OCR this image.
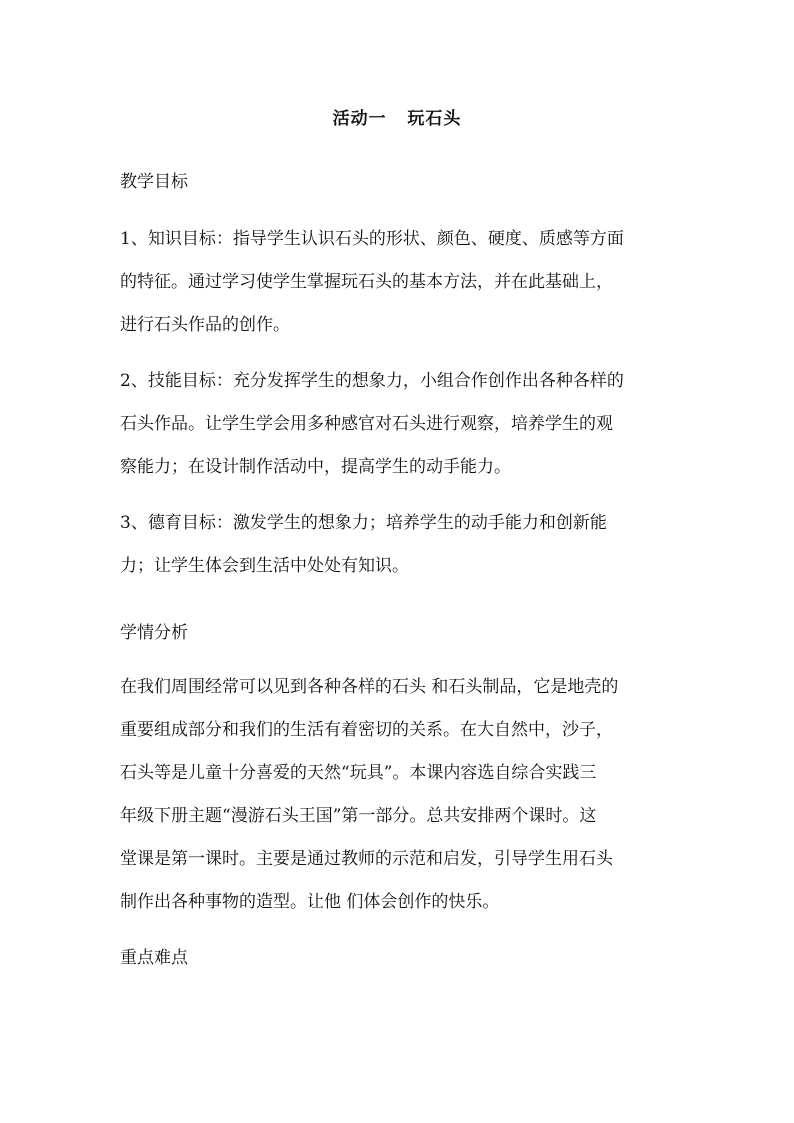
活动一   玩石头
教学目标
1、知识目标：指导学生认识石头的形状、颜色、硬度、质感等方面
的特征。通过学习使学生掌握玩石头的基本方法，并在此基础上，
进行石头作品的创作。
2、技能目标：充分发挥学生的想象力，小组合作创作出各种各样的
石头作品。让学生学会用多种感官对石头进行观察，培养学生的观
察能力；在设计制作活动中，提高学生的动手能力。
3、德育目标：激发学生的想象力；培养学生的动手能力和创新能
力；让学生体会到生活中处处有知识。
学情分析
在我们周围经常可以见到各种各样的石头 和石头制品，它是地壳的
重要组成部分和我们的生活有着密切的关系。在大自然中，沙子，
石头等是儿童十分喜爱的天然“玩具”。本课内容选自综合实践三
年级下册主题“漫游石头王国”第一部分。总共安排两个课时。这
堂课是第一课时。主要是通过教师的示范和启发，引导学生用石头
制作出各种事物的造型。让他 们体会创作的快乐。
重点难点
